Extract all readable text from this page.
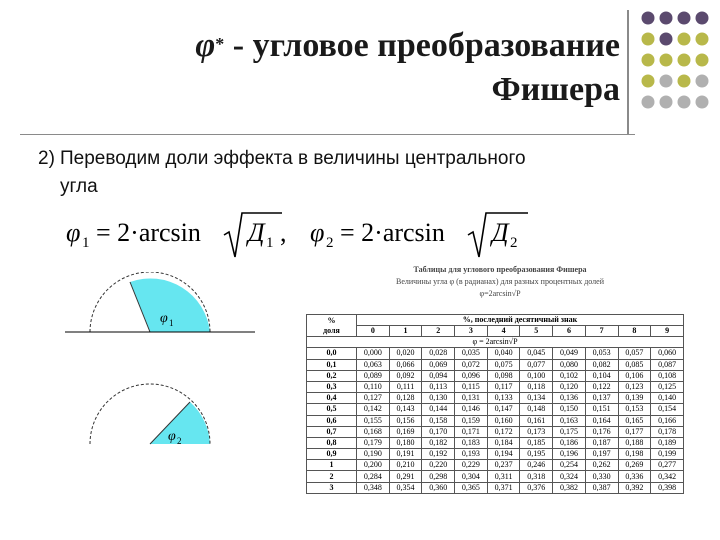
φ* - угловое преобразование
Фишера
2) Переводим доли эффекта в величины центрального
угла
φ 1 = 2·arcsin Д 1 , φ 2 = 2·arcsin Д 2
φ 1
φ 2
Таблицы для углового преобразования Фишера
Величины угла φ (в радианах) для разных процентных долей
φ=2arcsin√P
%
доля	%, последний десятичный знак									
	0	1	2	3	4	5	6	7	8	9
φ = 2arcsin√P										
0,0	0,000	0,020	0,028	0,035	0,040	0,045	0,049	0,053	0,057	0,060
0,1	0,063	0,066	0,069	0,072	0,075	0,077	0,080	0,082	0,085	0,087
0,2	0,089	0,092	0,094	0,096	0,098	0,100	0,102	0,104	0,106	0,108
0,3	0,110	0,111	0,113	0,115	0,117	0,118	0,120	0,122	0,123	0,125
0,4	0,127	0,128	0,130	0,131	0,133	0,134	0,136	0,137	0,139	0,140
0,5	0,142	0,143	0,144	0,146	0,147	0,148	0,150	0,151	0,153	0,154
0,6	0,155	0,156	0,158	0,159	0,160	0,161	0,163	0,164	0,165	0,166
0,7	0,168	0,169	0,170	0,171	0,172	0,173	0,175	0,176	0,177	0,178
0,8	0,179	0,180	0,182	0,183	0,184	0,185	0,186	0,187	0,188	0,189
0,9	0,190	0,191	0,192	0,193	0,194	0,195	0,196	0,197	0,198	0,199
1	0,200	0,210	0,220	0,229	0,237	0,246	0,254	0,262	0,269	0,277
2	0,284	0,291	0,298	0,304	0,311	0,318	0,324	0,330	0,336	0,342
3	0,348	0,354	0,360	0,365	0,371	0,376	0,382	0,387	0,392	0,398
